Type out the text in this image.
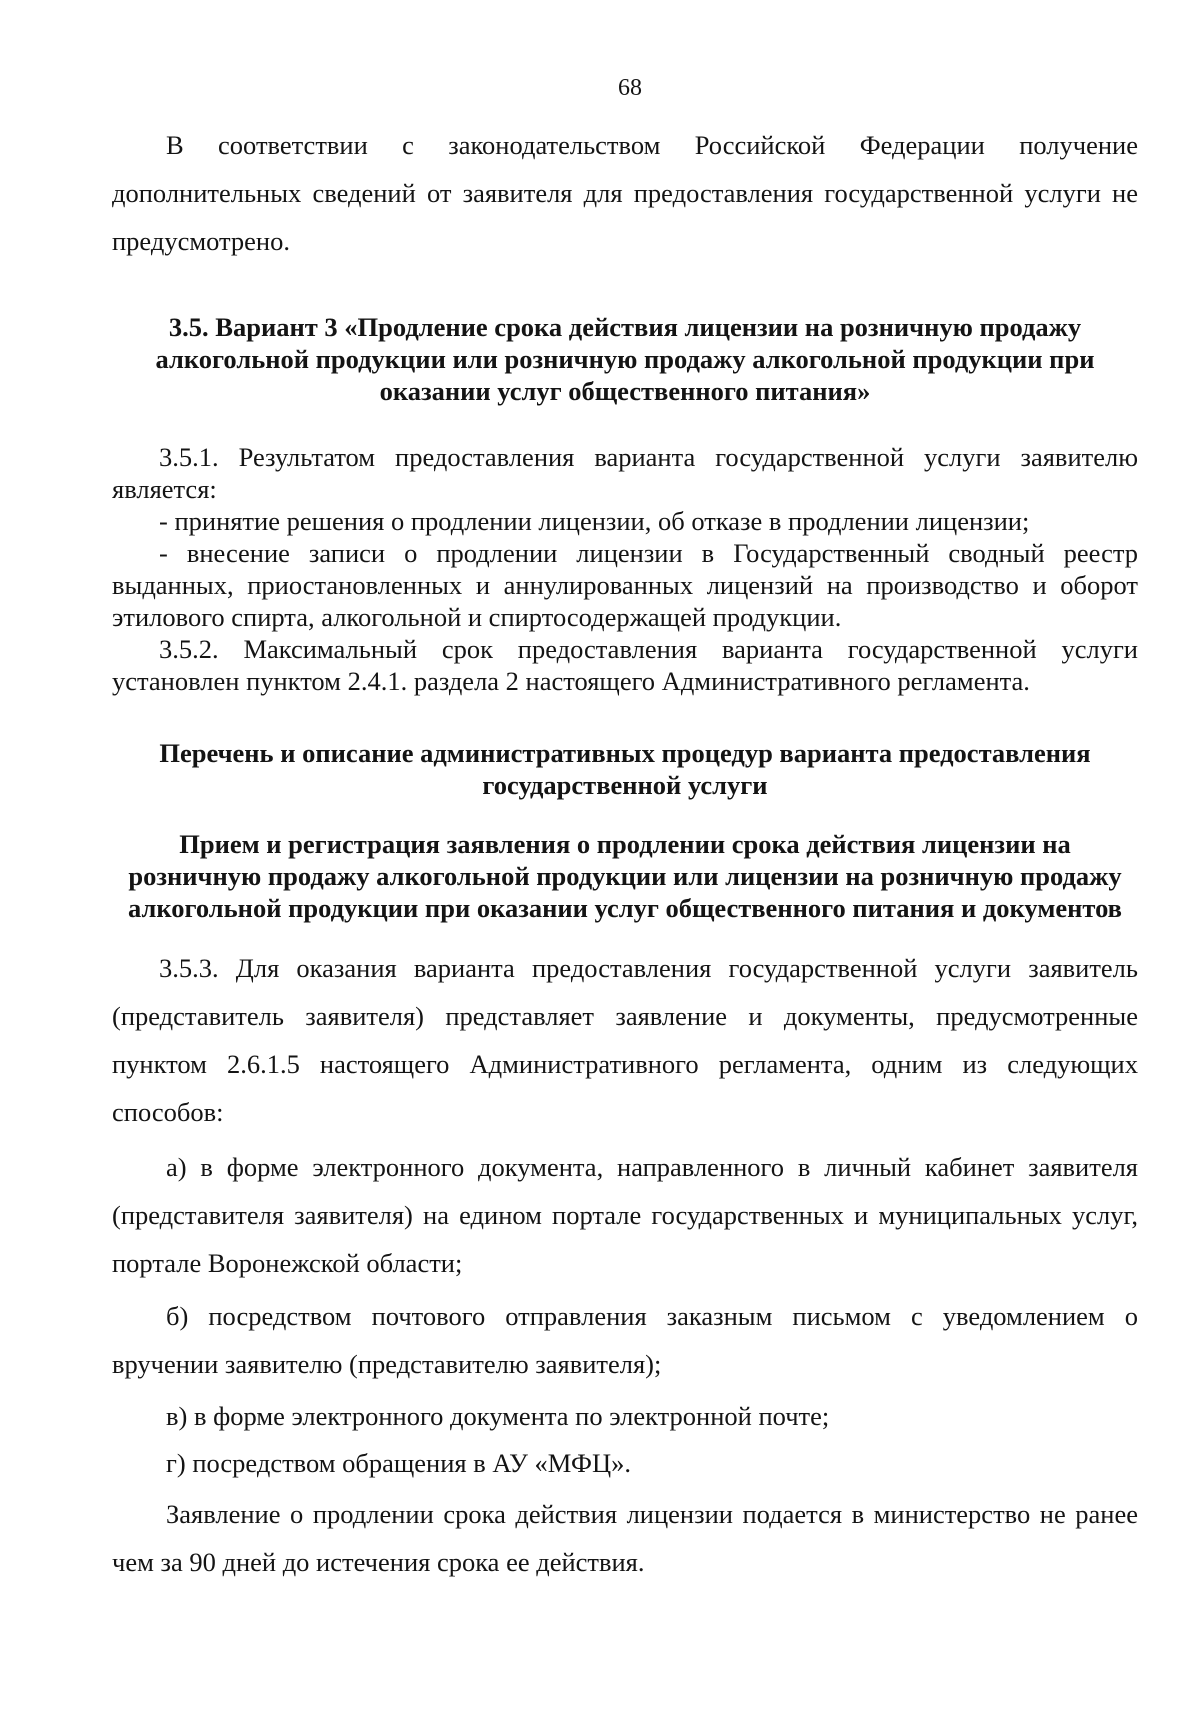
68

В соответствии с законодательством Российской Федерации получение дополнительных сведений от заявителя для предоставления государственной услуги не предусмотрено.

3.5. Вариант 3 «Продление срока действия лицензии на розничную продажу алкогольной продукции или розничную продажу алкогольной продукции при оказании услуг общественного питания»

3.5.1. Результатом предоставления варианта государственной услуги заявителю является:

- принятие решения о продлении лицензии, об отказе в продлении лицензии;

- внесение записи о продлении лицензии в Государственный сводный реестр выданных, приостановленных и аннулированных лицензий на производство и оборот этилового спирта, алкогольной и спиртосодержащей продукции.

3.5.2. Максимальный срок предоставления варианта государственной услуги установлен пунктом 2.4.1. раздела 2 настоящего Административного регламента.

Перечень и описание административных процедур варианта предоставления государственной услуги

Прием и регистрация заявления о продлении срока действия лицензии на розничную продажу алкогольной продукции или лицензии на розничную продажу алкогольной продукции при оказании услуг общественного питания и документов

3.5.3. Для оказания варианта предоставления государственной услуги заявитель (представитель заявителя) представляет заявление и документы, предусмотренные пунктом 2.6.1.5 настоящего Административного регламента, одним из следующих способов:

а) в форме электронного документа, направленного в личный кабинет заявителя (представителя заявителя) на едином портале государственных и муниципальных услуг, портале Воронежской области;

б) посредством почтового отправления заказным письмом с уведомлением о вручении заявителю (представителю заявителя);

в) в форме электронного документа по электронной почте;

г) посредством обращения в АУ «МФЦ».

Заявление о продлении срока действия лицензии подается в министерство не ранее чем за 90 дней до истечения срока ее действия.
